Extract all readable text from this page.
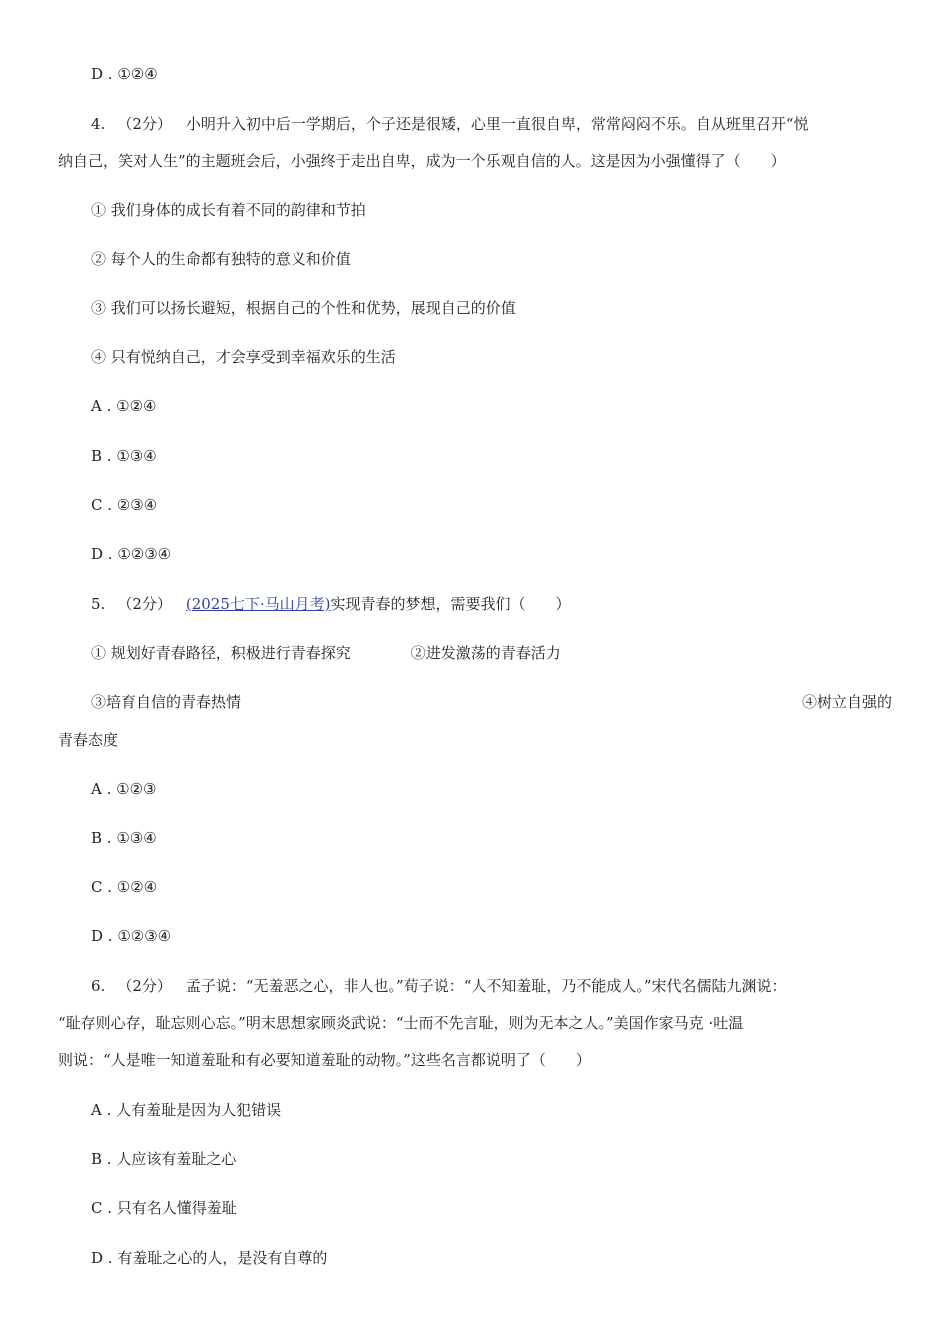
D . ①②④
4. （2分） 小明升入初中后一学期后，个子还是很矮，心里一直很自卑，常常闷闷不乐。自从班里召开“悦
纳自己，笑对人生”的主题班会后，小强终于走出自卑，成为一个乐观自信的人。这是因为小强懂得了（　　）
① 我们身体的成长有着不同的韵律和节拍
② 每个人的生命都有独特的意义和价值
③ 我们可以扬长避短，根据自己的个性和优势，展现自己的价值
④ 只有悦纳自己，才会享受到幸福欢乐的生活
A . ①②④
B . ①③④
C . ②③④
D . ①②③④
5. （2分） (2025七下·马山月考)实现青春的梦想，需要我们（　　）
① 规划好青春路径，积极进行青春探究	②进发激荡的青春活力
③培育自信的青春热情	④树立自强的
青春态度
A . ①②③
B . ①③④
C . ①②④
D . ①②③④
6. （2分） 孟子说：“无羞恶之心，非人也。”荀子说：“人不知羞耻，乃不能成人。”宋代名儒陆九渊说：
“耻存则心存，耻忘则心忘。”明末思想家顾炎武说：“士而不先言耻，则为无本之人。”美国作家马克 ·吐温
则说：“人是唯一知道羞耻和有必要知道羞耻的动物。”这些名言都说明了（　　）
A . 人有羞耻是因为人犯错误
B . 人应该有羞耻之心
C . 只有名人懂得羞耻
D . 有羞耻之心的人，是没有自尊的
